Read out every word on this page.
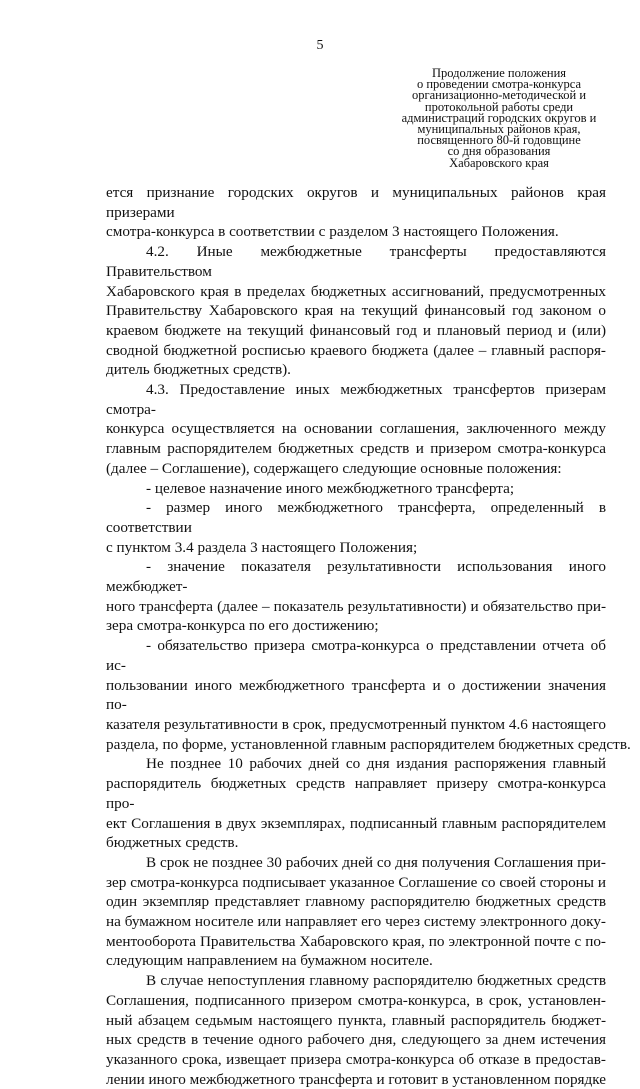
5
Продолжение положения
о проведении смотра-конкурса
организационно-методической и
протокольной работы среди
администраций городских округов и
муниципальных районов края,
посвященного 80-й годовщине
со дня образования
Хабаровского края
ется признание городских округов и муниципальных районов края призерами
смотра-конкурса в соответствии с разделом 3 настоящего Положения.
4.2. Иные межбюджетные трансферты предоставляются Правительством
Хабаровского края в пределах бюджетных ассигнований, предусмотренных
Правительству Хабаровского края на текущий финансовый год законом о
краевом бюджете на текущий финансовый год и плановый период и (или)
сводной бюджетной росписью краевого бюджета (далее – главный распоря-
дитель бюджетных средств).
4.3. Предоставление иных межбюджетных трансфертов призерам смотра-
конкурса осуществляется на основании соглашения, заключенного между
главным распорядителем бюджетных средств и призером смотра-конкурса
(далее – Соглашение), содержащего следующие основные положения:
- целевое назначение иного межбюджетного трансферта;
- размер иного межбюджетного трансферта, определенный в соответствии
с пунктом 3.4 раздела 3 настоящего Положения;
- значение показателя результативности использования иного межбюджет-
ного трансферта (далее – показатель результативности) и обязательство при-
зера смотра-конкурса по его достижению;
- обязательство призера смотра-конкурса о представлении отчета об ис-
пользовании иного межбюджетного трансферта и о достижении значения по-
казателя результативности в срок, предусмотренный пунктом 4.6 настоящего
раздела, по форме, установленной главным распорядителем бюджетных средств.
Не позднее 10 рабочих дней со дня издания распоряжения главный
распорядитель бюджетных средств направляет призеру смотра-конкурса про-
ект Соглашения в двух экземплярах, подписанный главным распорядителем
бюджетных средств.
В срок не позднее 30 рабочих дней со дня получения Соглашения при-
зер смотра-конкурса подписывает указанное Соглашение со своей стороны и
один экземпляр представляет главному распорядителю бюджетных средств
на бумажном носителе или направляет его через систему электронного доку-
ментооборота Правительства Хабаровского края, по электронной почте с по-
следующим направлением на бумажном носителе.
В случае непоступления главному распорядителю бюджетных средств
Соглашения, подписанного призером смотра-конкурса, в срок, установлен-
ный абзацем седьмым настоящего пункта, главный распорядитель бюджет-
ных средств в течение одного рабочего дня, следующего за днем истечения
указанного срока, извещает призера смотра-конкурса об отказе в предостав-
лении иного межбюджетного трансферта и готовит в установленном порядке
